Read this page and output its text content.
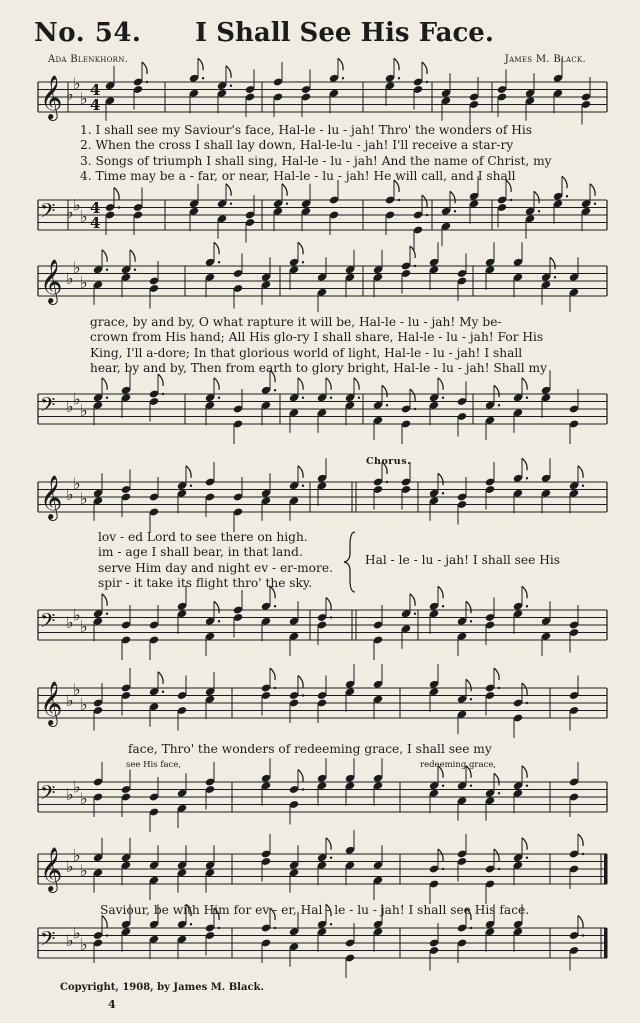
No. 54. I Shall See His Face.
Ada Blenkhorn.	James M. Black.
𝄞 ♭
♭
♭ 4
4
1. I shall see my Saviour's face, Hal-le - lu - jah! Thro' the wonders of His
2. When the cross I shall lay down, Hal-le-lu - jah! I'll receive a star-ry
3. Songs of triumph I shall sing, Hal-le - lu - jah! And the name of Christ, my
4. Time may be a - far, or near, Hal-le - lu - jah! He will call, and I shall
𝄢 ♭ ♭
♭ 4
4
𝄞 ♭
♭
♭
grace, by and by, O what rapture it will be, Hal-le - lu - jah! My be-
crown from His hand; All His glo-ry I shall share, Hal-le - lu - jah! For His
King, I'll a-dore; In that glorious world of light, Hal-le - lu - jah! I shall
hear, by and by, Then from earth to glory bright, Hal-le - lu - jah! Shall my
𝄢 ♭ ♭
♭
𝄞 ♭
♭
♭
Chorus.
lov - ed Lord to see there on high.
im - age I shall bear, in that land.
serve Him day and night ev - er-more.
spir - it take its flight thro' the sky.
Hal - le - lu - jah! I shall see His
𝄢 ♭ ♭
♭
𝄞 ♭
♭
♭
face, Thro' the wonders of redeeming grace, I shall see my
see His face,	redeeming grace,
𝄢 ♭ ♭
♭
𝄞 ♭
♭
♭
Saviour, be with Him for ev - er, Hal - le - lu - jah! I shall see His face.
𝄢 ♭ ♭
♭
Copyright, 1908, by James M. Black.
4
